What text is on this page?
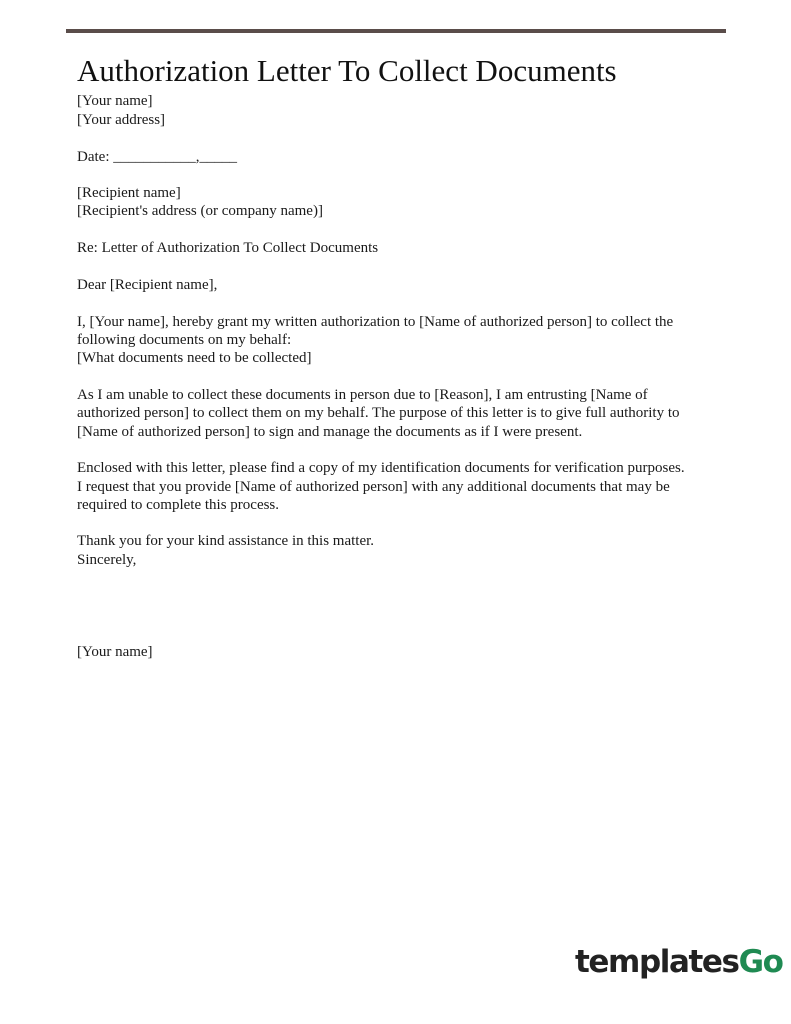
Authorization Letter To Collect Documents

[Your name]

[Your address]

Date: ___________,_____

[Recipient name]

[Recipient's address (or company name)]

Re: Letter of Authorization To Collect Documents

Dear [Recipient name],

I, [Your name], hereby grant my written authorization to [Name of authorized person] to collect the

following documents on my behalf:

[What documents need to be collected]

As I am unable to collect these documents in person due to [Reason], I am entrusting [Name of

authorized person] to collect them on my behalf. The purpose of this letter is to give full authority to

[Name of authorized person] to sign and manage the documents as if I were present.

Enclosed with this letter, please find a copy of my identification documents for verification purposes.

I request that you provide [Name of authorized person] with any additional documents that may be

required to complete this process.

Thank you for your kind assistance in this matter.

Sincerely,

[Your name]

templatesGo
